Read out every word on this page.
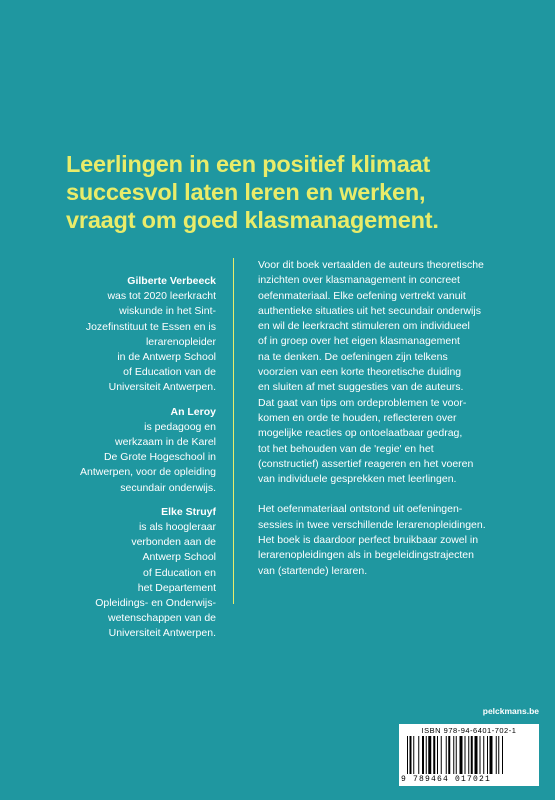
Leerlingen in een positief klimaat
succesvol laten leren en werken,
vraagt om goed klasmanagement.
Gilberte Verbeeck
was tot 2020 leerkracht
wiskunde in het Sint-
Jozefinstituut te Essen en is
lerarenopleider
in de Antwerp School
of Education van de
Universiteit Antwerpen.
An Leroy
is pedagoog en
werkzaam in de Karel
De Grote Hogeschool in
Antwerpen, voor de opleiding
secundair onderwijs.
Elke Struyf
is als hoogleraar
verbonden aan de
Antwerp School
of Education en
het Departement
Opleidings- en Onderwijs-
wetenschappen van de
Universiteit Antwerpen.
Voor dit boek vertaalden de auteurs theoretische
inzichten over klasmanagement in concreet
oefenmateriaal. Elke oefening vertrekt vanuit
authentieke situaties uit het secundair onderwijs
en wil de leerkracht stimuleren om individueel
of in groep over het eigen klasmanagement
na te denken. De oefeningen zijn telkens
voorzien van een korte theoretische duiding
en sluiten af met suggesties van de auteurs.
Dat gaat van tips om ordeproblemen te voor-
komen en orde te houden, reflecteren over
mogelijke reacties op ontoelaatbaar gedrag,
tot het behouden van de 'regie' en het
(constructief) assertief reageren en het voeren
van individuele gesprekken met leerlingen.
Het oefenmateriaal ontstond uit oefeningen-
sessies in twee verschillende lerarenopleidingen.
Het boek is daardoor perfect bruikbaar zowel in
lerarenopleidingen als in begeleidingstrajecten
van (startende) leraren.
pelckmans.be
ISBN 978-94-6401-702-1
9 789464 017021
